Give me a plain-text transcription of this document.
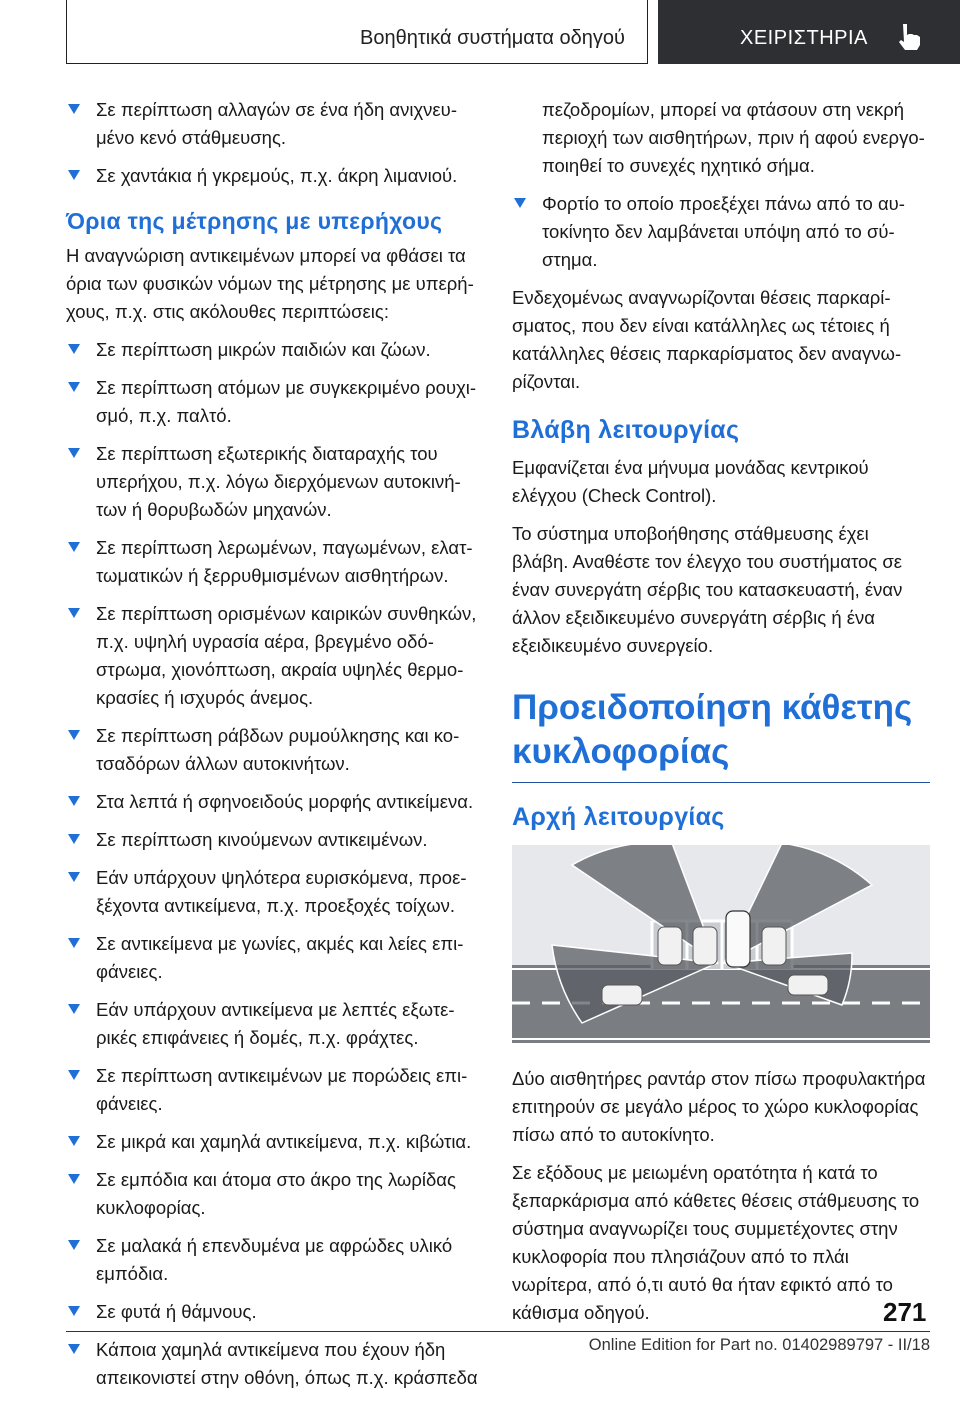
Βοηθητικά συστήματα οδηγού	ΧΕΙΡΙΣΤΗΡΙΑ
Σε περίπτωση αλλαγών σε ένα ήδη ανιχνευμένο κενό στάθμευσης.
Σε χαντάκια ή γκρεμούς, π.χ. άκρη λιμανιού.
Όρια της μέτρησης με υπερήχους

Η αναγνώριση αντικειμένων μπορεί να φθάσει τα όρια των φυσικών νόμων της μέτρησης με υπερήχους, π.χ. στις ακόλουθες περιπτώσεις:

Σε περίπτωση μικρών παιδιών και ζώων.
Σε περίπτωση ατόμων με συγκεκριμένο ρουχισμό, π.χ. παλτό.
Σε περίπτωση εξωτερικής διαταραχής του υπερήχου, π.χ. λόγω διερχόμενων αυτοκινήτων ή θορυβωδών μηχανών.
Σε περίπτωση λερωμένων, παγωμένων, ελαττωματικών ή ξερρυθμισμένων αισθητήρων.
Σε περίπτωση ορισμένων καιρικών συνθηκών, π.χ. υψηλή υγρασία αέρα, βρεγμένο οδόστρωμα, χιονόπτωση, ακραία υψηλές θερμοκρασίες ή ισχυρός άνεμος.
Σε περίπτωση ράβδων ρυμούλκησης και κοτσαδόρων άλλων αυτοκινήτων.
Στα λεπτά ή σφηνοειδούς μορφής αντικείμενα.
Σε περίπτωση κινούμενων αντικειμένων.
Εάν υπάρχουν ψηλότερα ευρισκόμενα, προεξέχοντα αντικείμενα, π.χ. προεξοχές τοίχων.
Σε αντικείμενα με γωνίες, ακμές και λείες επιφάνειες.
Εάν υπάρχουν αντικείμενα με λεπτές εξωτερικές επιφάνειες ή δομές, π.χ. φράχτες.
Σε περίπτωση αντικειμένων με πορώδεις επιφάνειες.
Σε μικρά και χαμηλά αντικείμενα, π.χ. κιβώτια.
Σε εμπόδια και άτομα στο άκρο της λωρίδας κυκλοφορίας.
Σε μαλακά ή επενδυμένα με αφρώδες υλικό εμπόδια.
Σε φυτά ή θάμνους.
Κάποια χαμηλά αντικείμενα που έχουν ήδη απεικονιστεί στην οθόνη, όπως π.χ. κράσπεδα

πεζοδρομίων, μπορεί να φτάσουν στη νεκρή περιοχή των αισθητήρων, πριν ή αφού ενεργοποιηθεί το συνεχές ηχητικό σήμα.

Φορτίο το οποίο προεξέχει πάνω από το αυτοκίνητο δεν λαμβάνεται υπόψη από το σύστημα.

Ενδεχομένως αναγνωρίζονται θέσεις παρκαρίσματος, που δεν είναι κατάλληλες ως τέτοιες ή κατάλληλες θέσεις παρκαρίσματος δεν αναγνωρίζονται.

Βλάβη λειτουργίας

Εμφανίζεται ένα μήνυμα μονάδας κεντρικού ελέγχου (Check Control).

Το σύστημα υποβοήθησης στάθμευσης έχει βλάβη. Αναθέστε τον έλεγχο του συστήματος σε έναν συνεργάτη σέρβις του κατασκευαστή, έναν άλλον εξειδικευμένο συνεργάτη σέρβις ή ένα εξειδικευμένο συνεργείο.

Προειδοποίηση κάθετης κυκλοφορίας
Αρχή λειτουργίας

Δύο αισθητήρες ραντάρ στον πίσω προφυλακτήρα επιτηρούν σε μεγάλο μέρος το χώρο κυκλοφορίας πίσω από το αυτοκίνητο.

Σε εξόδους με μειωμένη ορατότητα ή κατά το ξεπαρκάρισμα από κάθετες θέσεις στάθμευσης το σύστημα αναγνωρίζει τους συμμετέχοντες στην κυκλοφορία που πλησιάζουν από το πλάι νωρίτερα, από ό,τι αυτό θα ήταν εφικτό από το κάθισμα οδηγού.	271
Online Edition for Part no. 01402989797 - II/18
